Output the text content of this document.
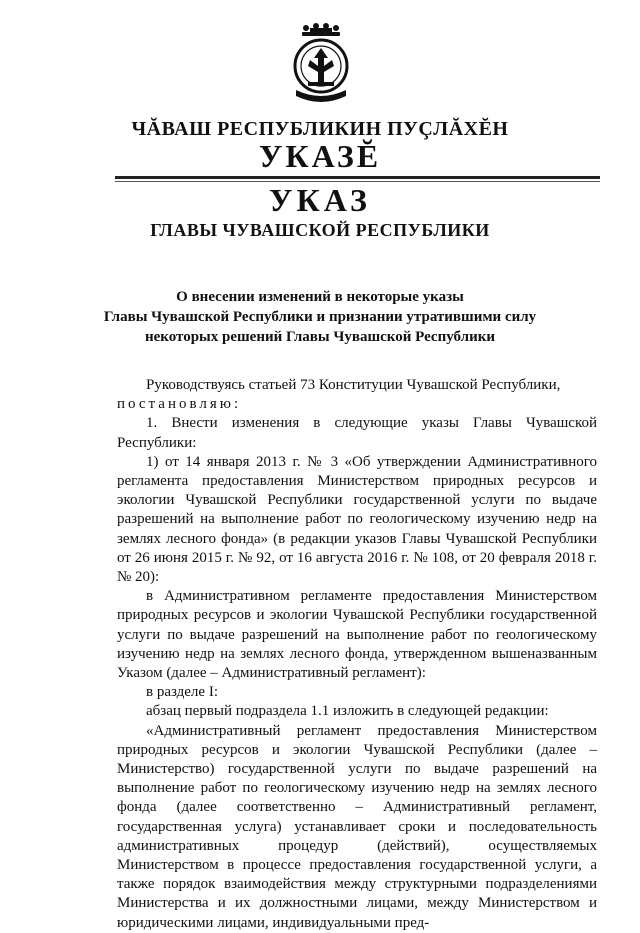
ЧĂВАШ РЕСПУБЛИКИН ПУÇЛĂХĔН
УКАЗĔ
УКАЗ
ГЛАВЫ ЧУВАШСКОЙ РЕСПУБЛИКИ
О внесении изменений в некоторые указы
Главы Чувашской Республики и признании утратившими силу
некоторых решений Главы Чувашской Республики

Руководствуясь статьей 73 Конституции Чувашской Республики,

постановляю:

1. Внести изменения в следующие указы Главы Чувашской Республики:

1) от 14 января 2013 г. № 3 «Об утверждении Административного регламента предоставления Министерством природных ресурсов и экологии Чувашской Республики государственной услуги по выдаче разрешений на выполнение работ по геологическому изучению недр на землях лесного фонда» (в редакции указов Главы Чувашской Республики от 26 июня 2015 г. № 92, от 16 августа 2016 г. № 108, от 20 февраля 2018 г. № 20):

в Административном регламенте предоставления Министерством природных ресурсов и экологии Чувашской Республики государственной услуги по выдаче разрешений на выполнение работ по геологическому изучению недр на землях лесного фонда, утвержденном вышеназванным Указом (далее – Административный регламент):

в разделе I:

абзац первый подраздела 1.1 изложить в следующей редакции:

«Административный регламент предоставления Министерством природных ресурсов и экологии Чувашской Республики (далее – Министерство) государственной услуги по выдаче разрешений на выполнение работ по геологическому изучению недр на землях лесного фонда (далее соответственно – Административный регламент, государственная услуга) устанавливает сроки и последовательность административных процедур (действий), осуществляемых Министерством в процессе предоставления государственной услуги, а также порядок взаимодействия между структурными подразделениями Министерства и их должностными лицами, между Министерством и юридическими лицами, индивидуальными пред-
